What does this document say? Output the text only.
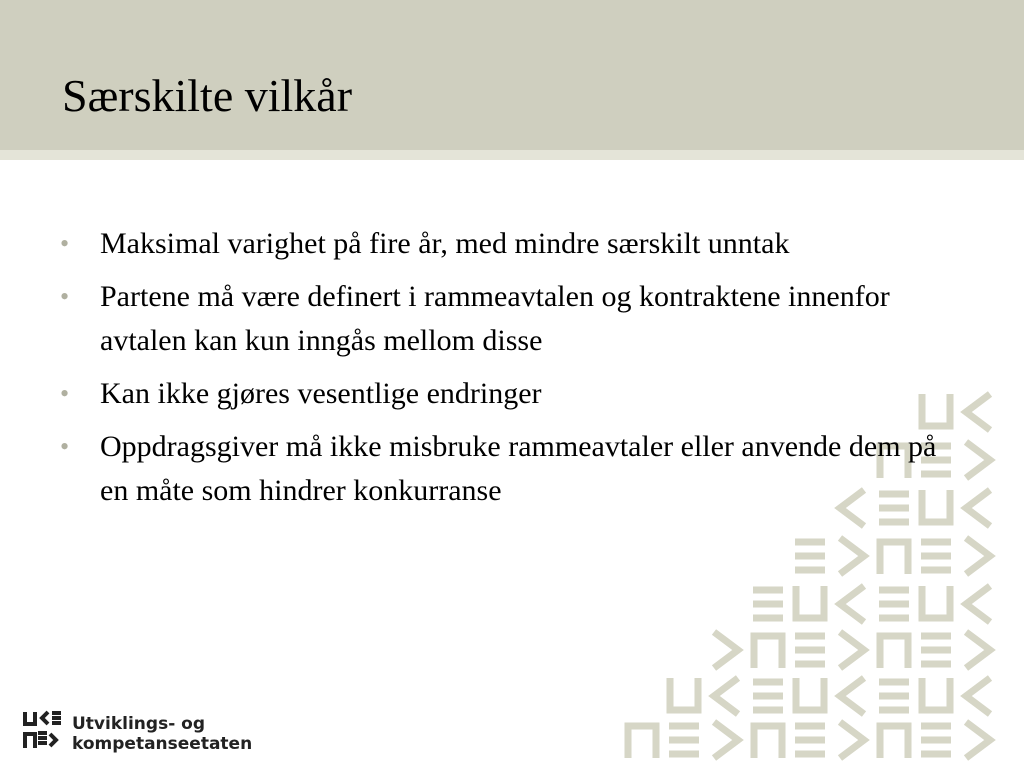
Særskilte vilkår
• Maksimal varighet på fire år, med mindre særskilt unntak
• Partene må være definert i rammeavtalen og kontraktene innenfor avtalen kan kun inngås mellom disse
• Kan ikke gjøres vesentlige endringer
• Oppdragsgiver må ikke misbruke rammeavtaler eller anvende dem på en måte som hindrer konkurranse
Utviklings- og
kompetanseetaten
